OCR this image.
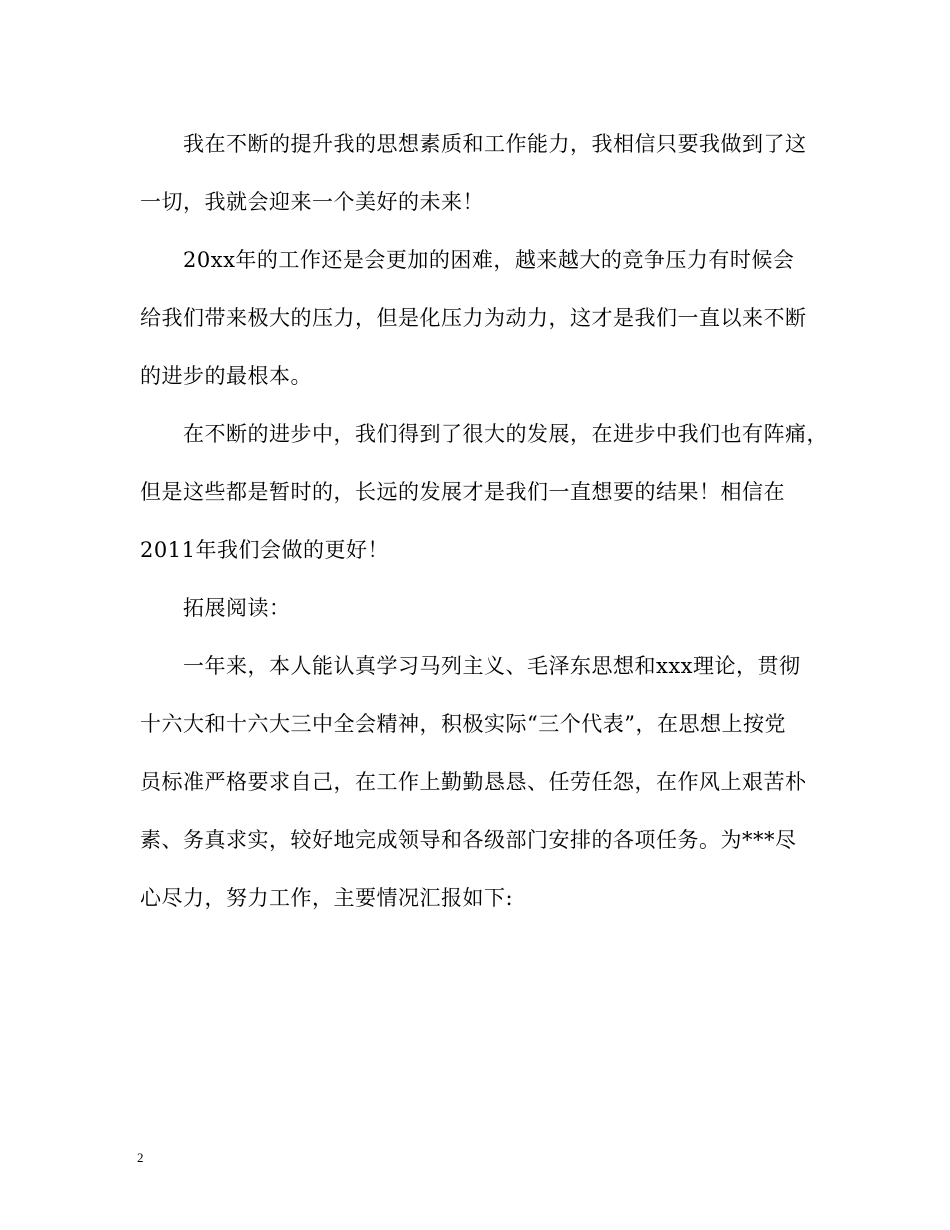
我在不断的提升我的思想素质和工作能力，我相信只要我做到了这
一切，我就会迎来一个美好的未来！
20xx年的工作还是会更加的困难，越来越大的竞争压力有时候会
给我们带来极大的压力，但是化压力为动力，这才是我们一直以来不断
的进步的最根本。
在不断的进步中，我们得到了很大的发展，在进步中我们也有阵痛，
但是这些都是暂时的，长远的发展才是我们一直想要的结果！相信在
2011年我们会做的更好！
拓展阅读：
一年来，本人能认真学习马列主义、毛泽东思想和xxx理论，贯彻
十六大和十六大三中全会精神，积极实际“三个代表”，在思想上按党
员标准严格要求自己，在工作上勤勤恳恳、任劳任怨，在作风上艰苦朴
素、务真求实，较好地完成领导和各级部门安排的各项任务。为***尽
心尽力，努力工作，主要情况汇报如下:
2
